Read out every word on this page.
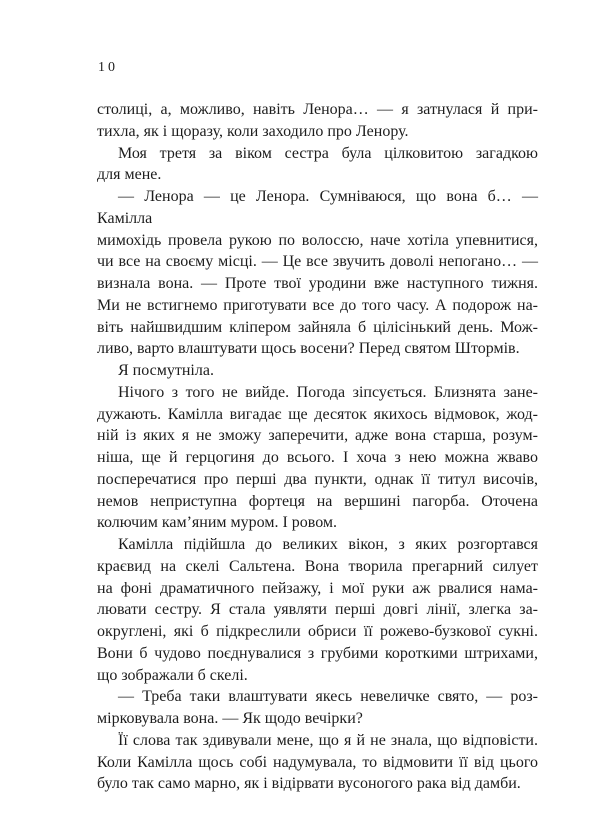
10
столиці, а, можливо, навіть Ленора… — я затнулася й при-
тихла, як і щоразу, коли заходило про Ленору.
Моя третя за віком сестра була цілковитою загадкою
для мене.
— Ленора — це Ленора. Сумніваюся, що вона б… — Камілла
мимохідь провела рукою по волоссю, наче хотіла упевнитися,
чи все на своєму місці. — Це все звучить доволі непогано… —
визнала вона. — Проте твої уродини вже наступного тижня.
Ми не встигнемо приготувати все до того часу. А подорож на-
віть найшвидшим кліпером зайняла б цілісінький день. Мож-
ливо, варто влаштувати щось восени? Перед святом Штормів.
Я посмутніла.
Нічого з того не вийде. Погода зіпсується. Близнята зане-
дужають. Камілла вигадає ще десяток якихось відмовок, жод-
ній із яких я не зможу заперечити, адже вона старша, розум-
ніша, ще й герцогиня до всього. І хоча з нею можна жваво
посперечатися про перші два пункти, однак її титул височів,
немов неприступна фортеця на вершині пагорба. Оточена
колючим кам’яним муром. І ровом.
Камілла підійшла до великих вікон, з яких розгортався
краєвид на скелі Сальтена. Вона творила прегарний силует
на фоні драматичного пейзажу, і мої руки аж рвалися нама-
лювати сестру. Я стала уявляти перші довгі лінії, злегка за-
округлені, які б підкреслили обриси її рожево-бузкової сукні.
Вони б чудово поєднувалися з грубими короткими штрихами,
що зображали б скелі.
— Треба таки влаштувати якесь невеличке свято, — роз-
мірковувала вона. — Як щодо вечірки?
Її слова так здивували мене, що я й не знала, що відповісти.
Коли Камілла щось собі надумувала, то відмовити її від цього
було так само марно, як і відірвати вусоногого рака від дамби.
